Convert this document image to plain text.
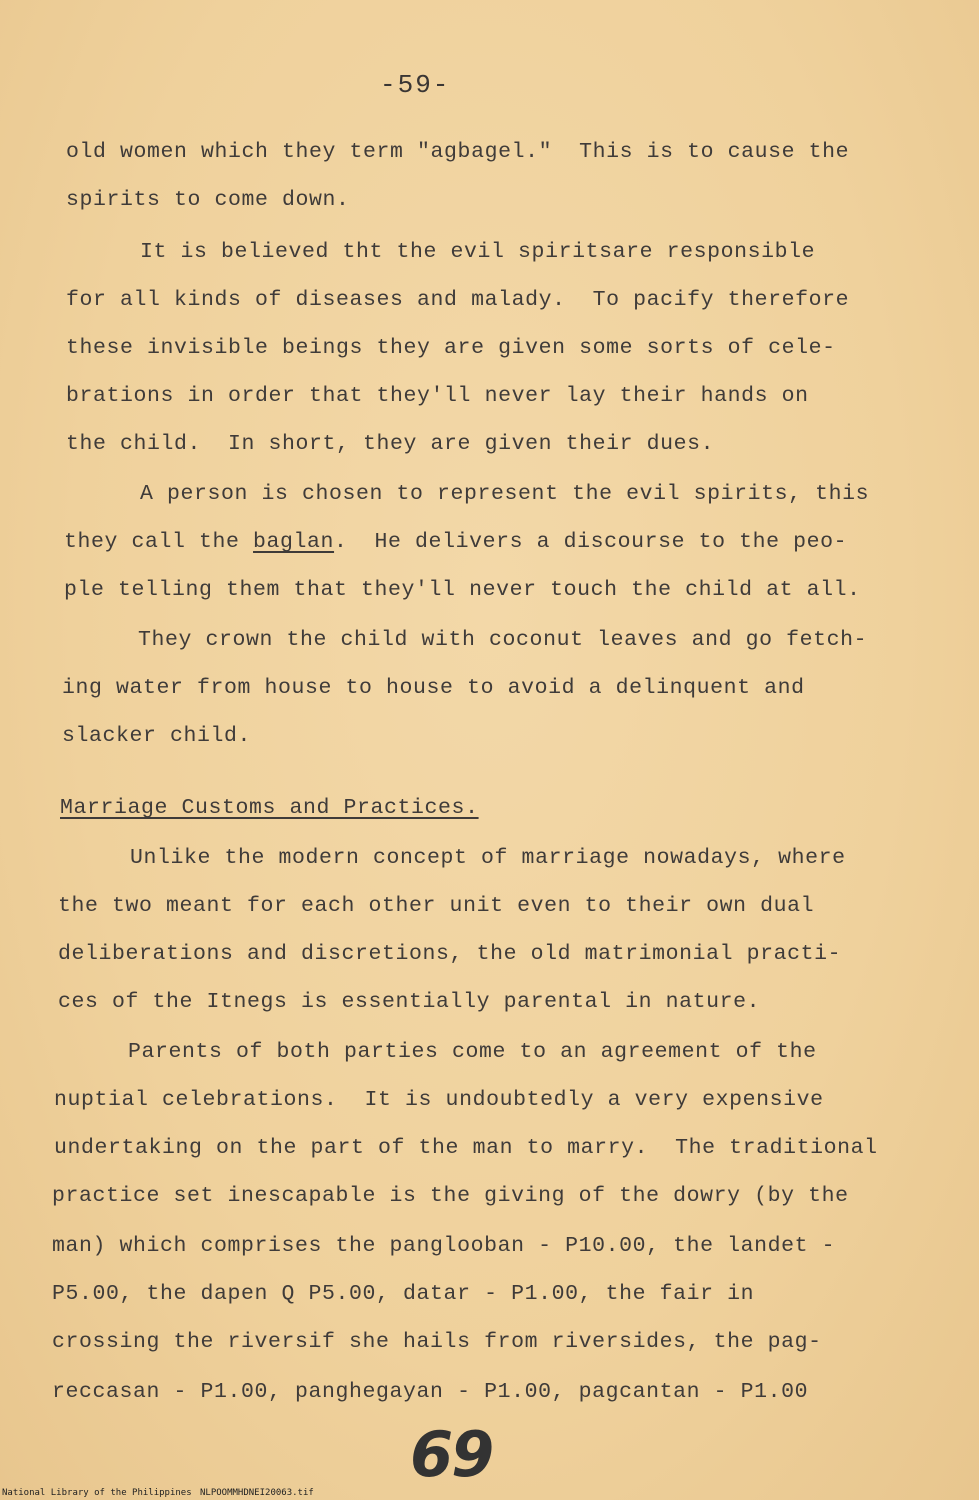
-59-
old women which they term "agbagel."  This is to cause the
spirits to come down.
It is believed tht the evil spiritsare responsible
for all kinds of diseases and malady.  To pacify therefore
these invisible beings they are given some sorts of cele-
brations in order that they'll never lay their hands on
the child.  In short, they are given their dues.
A person is chosen to represent the evil spirits, this
they call the baglan.  He delivers a discourse to the peo-
ple telling them that they'll never touch the child at all.
They crown the child with coconut leaves and go fetch-
ing water from house to house to avoid a delinquent and
slacker child.
Marriage Customs and Practices.
Unlike the modern concept of marriage nowadays, where
the two meant for each other unit even to their own dual
deliberations and discretions, the old matrimonial practi-
ces of the Itnegs is essentially parental in nature.
Parents of both parties come to an agreement of the
nuptial celebrations.  It is undoubtedly a very expensive
undertaking on the part of the man to marry.  The traditional
practice set inescapable is the giving of the dowry (by the
man) which comprises the panglooban - P10.00, the landet -
P5.00, the dapen Q P5.00, datar - P1.00, the fair in
crossing the riversif she hails from riversides, the pag-
reccasan - P1.00, panghegayan - P1.00, pagcantan - P1.00
69
National Library of the Philippines NLPOOMMHDNEI20063.tif
